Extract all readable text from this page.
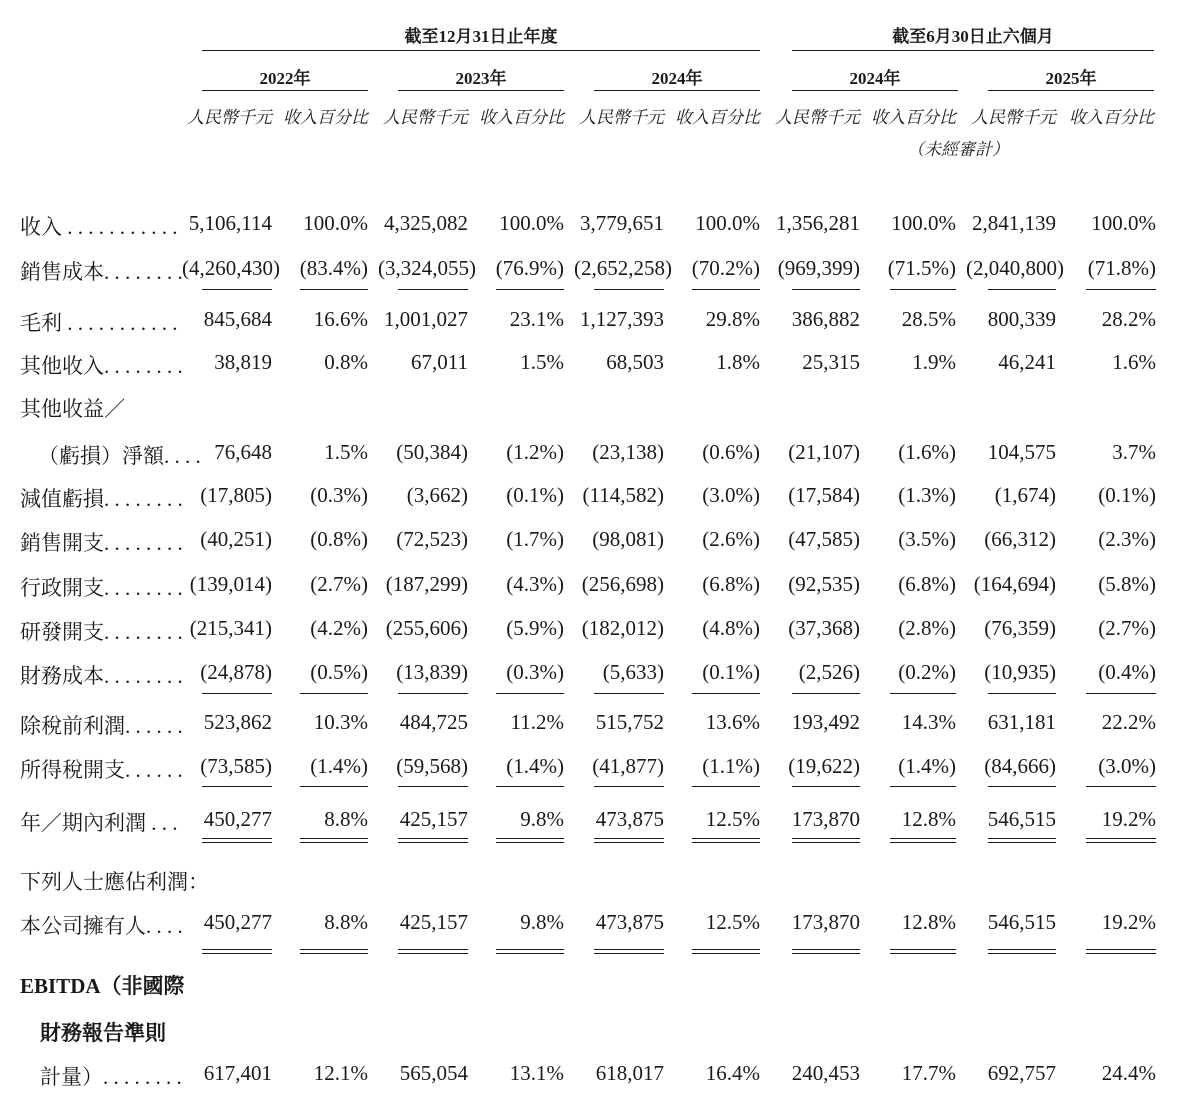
截至12月31日止年度	截至6月30日止六個月
2022年	2023年	2024年	2024年	2025年
人民幣千元 收入百分比 人民幣千元 收入百分比 人民幣千元 收入百分比 人民幣千元 收入百分比 人民幣千元 收入百分比
（未經審計）
收入 . . . . . . . . . . . 5,106,114	100.0% 4,325,082	100.0% 3,779,651	100.0% 1,356,281	100.0% 2,841,139	100.0%
銷售成本. . . . . . . . (4,260,430) (83.4%) (3,324,055) (76.9%) (2,652,258) (70.2%) (969,399)	(71.5%) (2,040,800)	(71.8%)
毛利 . . . . . . . . . . .	845,684	16.6% 1,001,027	23.1% 1,127,393	29.8%	386,882	28.5%	800,339	28.2%
其他收入. . . . . . . .	38,819	0.8%	67,011	1.5%	68,503	1.8%	25,315	1.9%	46,241	1.6%
其他收益／
（虧損）淨額. . . . 76,648	1.5%	(50,384)	(1.2%)	(23,138)	(0.6%)	(21,107)	(1.6%)	104,575	3.7%
減值虧損. . . . . . . . (17,805)	(0.3%)	(3,662)	(0.1%) (114,582)	(3.0%)	(17,584)	(1.3%)	(1,674)	(0.1%)
銷售開支. . . . . . . . (40,251)	(0.8%)	(72,523)	(1.7%)	(98,081)	(2.6%)	(47,585)	(3.5%)	(66,312)	(2.3%)
行政開支. . . . . . . . (139,014)	(2.7%) (187,299)	(4.3%) (256,698)	(6.8%)	(92,535)	(6.8%) (164,694)	(5.8%)
研發開支. . . . . . . . (215,341)	(4.2%) (255,606)	(5.9%) (182,012)	(4.8%)	(37,368)	(2.8%)	(76,359)	(2.7%)
財務成本. . . . . . . . (24,878)	(0.5%)	(13,839)	(0.3%)	(5,633)	(0.1%)	(2,526)	(0.2%)	(10,935)	(0.4%)
除稅前利潤. . . . . .	523,862	10.3%	484,725	11.2%	515,752	13.6%	193,492	14.3%	631,181	22.2%
所得稅開支. . . . . . (73,585)	(1.4%)	(59,568)	(1.4%)	(41,877)	(1.1%)	(19,622)	(1.4%)	(84,666)	(3.0%)
年／期內利潤 . . .	450,277	8.8%	425,157	9.8%	473,875	12.5%	173,870	12.8%	546,515	19.2%
下列人士應佔利潤：
本公司擁有人. . . .	450,277	8.8%	425,157	9.8%	473,875	12.5%	173,870	12.8%	546,515	19.2%
EBITDA（非國際
財務報告準則
計量）. . . . . . . .	617,401	12.1%	565,054	13.1%	618,017	16.4%	240,453	17.7%	692,757	24.4%
